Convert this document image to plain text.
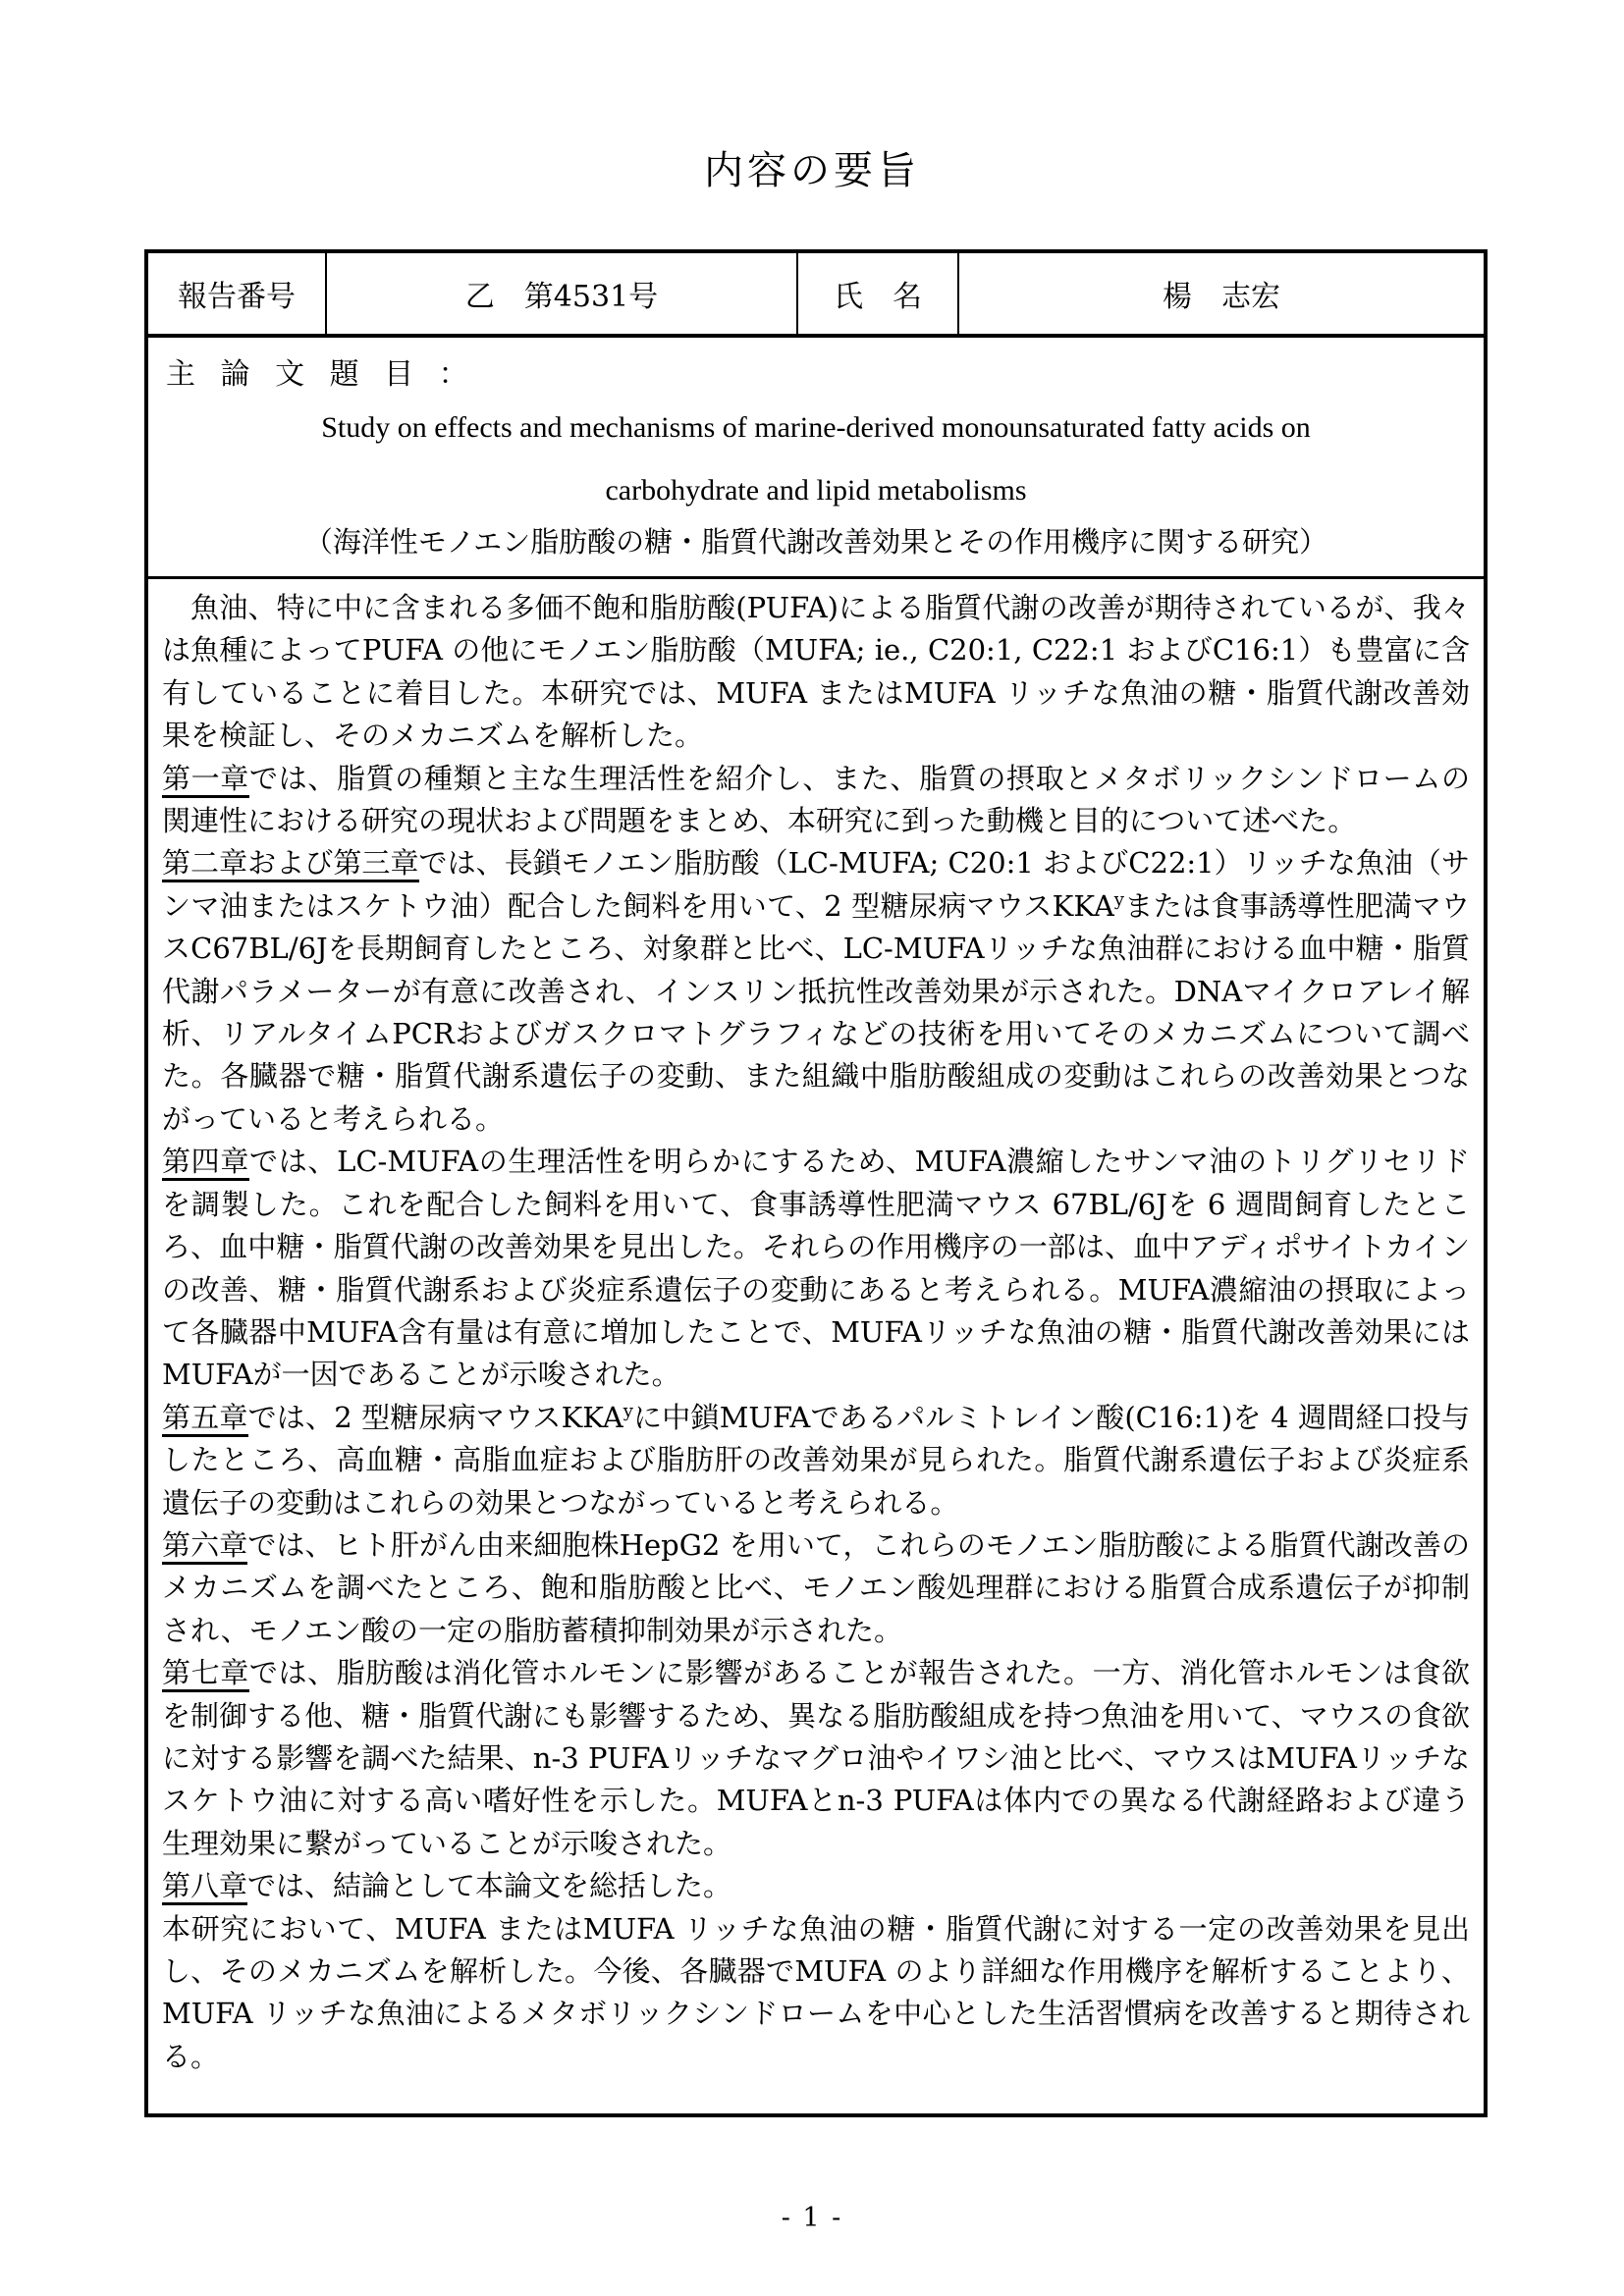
内容の要旨
報告番号	乙　第4531号	氏　名	楊　志宏
主 論 文 題 目 ：
Study on effects and mechanisms of marine-derived monounsaturated fatty acids on
carbohydrate and lipid metabolisms
（海洋性モノエン脂肪酸の糖・脂質代謝改善効果とその作用機序に関する研究）

魚油、特に中に含まれる多価不飽和脂肪酸(PUFA)による脂質代謝の改善が期待されているが、我々は魚種によってPUFA の他にモノエン脂肪酸（MUFA; ie., C20:1, C22:1 およびC16:1）も豊富に含有していることに着目した。本研究では、MUFA またはMUFA リッチな魚油の糖・脂質代謝改善効果を検証し、そのメカニズムを解析した。

第一章では、脂質の種類と主な生理活性を紹介し、また、脂質の摂取とメタボリックシンドロームの関連性における研究の現状および問題をまとめ、本研究に到った動機と目的について述べた。

第二章および第三章では、長鎖モノエン脂肪酸（LC-MUFA; C20:1 およびC22:1）リッチな魚油（サンマ油またはスケトウ油）配合した飼料を用いて、2 型糖尿病マウスKKA$^y$または食事誘導性肥満マウスC67BL/6Jを長期飼育したところ、対象群と比べ、LC-MUFAリッチな魚油群における血中糖・脂質代謝パラメーターが有意に改善され、インスリン抵抗性改善効果が示された。DNAマイクロアレイ解析、リアルタイムPCRおよびガスクロマトグラフィなどの技術を用いてそのメカニズムについて調べた。各臓器で糖・脂質代謝系遺伝子の変動、また組織中脂肪酸組成の変動はこれらの改善効果とつながっていると考えられる。

第四章では、LC-MUFAの生理活性を明らかにするため、MUFA濃縮したサンマ油のトリグリセリドを調製した。これを配合した飼料を用いて、食事誘導性肥満マウス 67BL/6Jを 6 週間飼育したところ、血中糖・脂質代謝の改善効果を見出した。それらの作用機序の一部は、血中アディポサイトカインの改善、糖・脂質代謝系および炎症系遺伝子の変動にあると考えられる。MUFA濃縮油の摂取によって各臓器中MUFA含有量は有意に増加したことで、MUFAリッチな魚油の糖・脂質代謝改善効果にはMUFAが一因であることが示唆された。

第五章では、2 型糖尿病マウスKKA$^y$に中鎖MUFAであるパルミトレイン酸(C16:1)を 4 週間経口投与したところ、高血糖・高脂血症および脂肪肝の改善効果が見られた。脂質代謝系遺伝子および炎症系遺伝子の変動はこれらの効果とつながっていると考えられる。

第六章では、ヒト肝がん由来細胞株HepG2 を用いて，これらのモノエン脂肪酸による脂質代謝改善のメカニズムを調べたところ、飽和脂肪酸と比べ、モノエン酸処理群における脂質合成系遺伝子が抑制され、モノエン酸の一定の脂肪蓄積抑制効果が示された。

第七章では、脂肪酸は消化管ホルモンに影響があることが報告された。一方、消化管ホルモンは食欲を制御する他、糖・脂質代謝にも影響するため、異なる脂肪酸組成を持つ魚油を用いて、マウスの食欲に対する影響を調べた結果、n-3 PUFAリッチなマグロ油やイワシ油と比べ、マウスはMUFAリッチなスケトウ油に対する高い嗜好性を示した。MUFAとn-3 PUFAは体内での異なる代謝経路および違う生理効果に繋がっていることが示唆された。

第八章では、結論として本論文を総括した。

本研究において、MUFA またはMUFA リッチな魚油の糖・脂質代謝に対する一定の改善効果を見出し、そのメカニズムを解析した。今後、各臓器でMUFA のより詳細な作用機序を解析することより、MUFA リッチな魚油によるメタボリックシンドロームを中心とした生活習慣病を改善すると期待される。

- 1 -
